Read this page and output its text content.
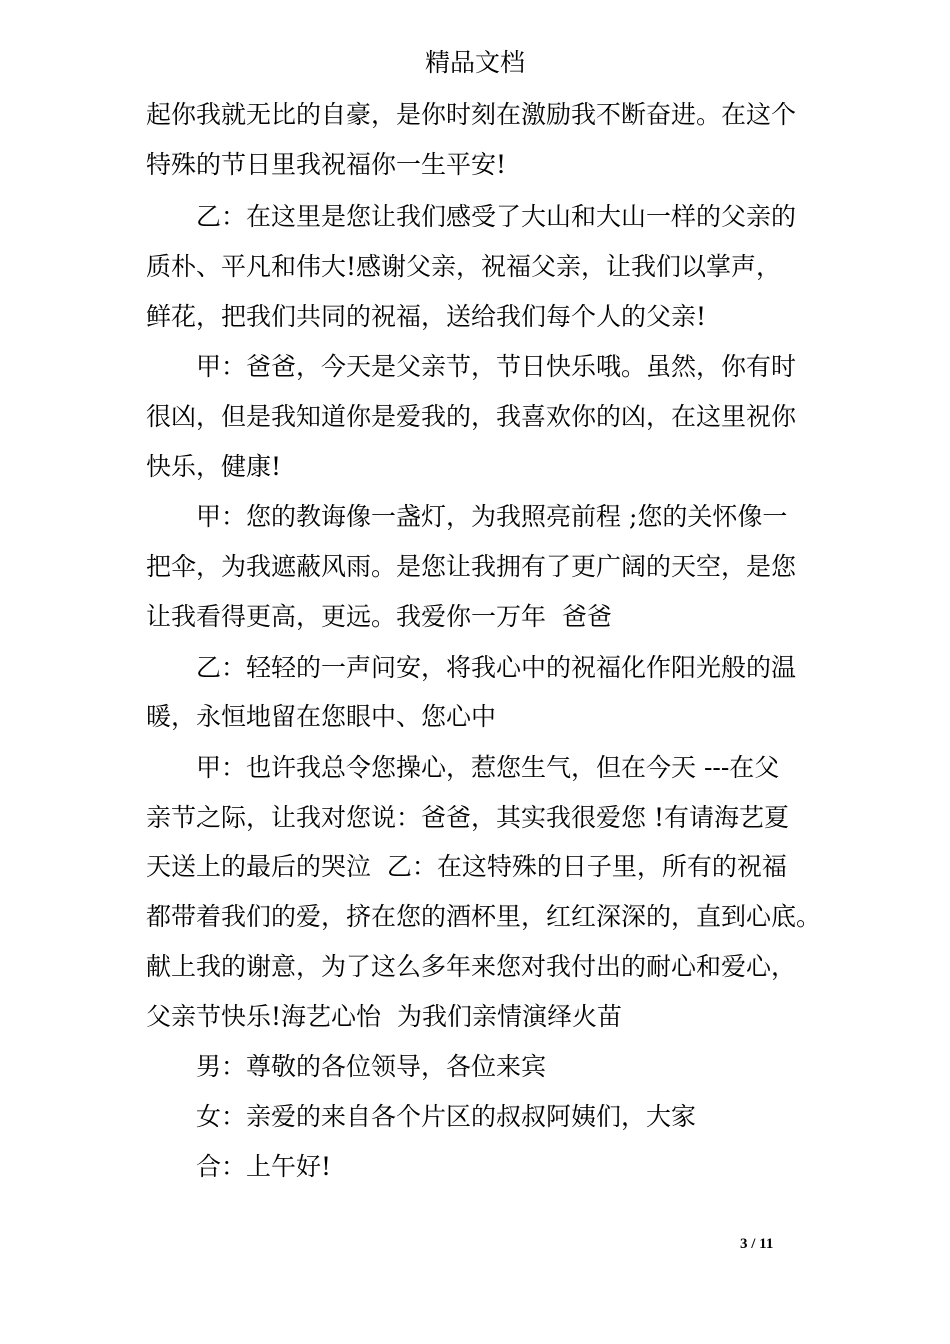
精品文档
起你我就无比的自豪，是你时刻在激励我不断奋进。在这个
特殊的节日里我祝福你一生平安!
乙：在这里是您让我们感受了大山和大山一样的父亲的
质朴、平凡和伟大!感谢父亲，祝福父亲，让我们以掌声，
鲜花，把我们共同的祝福，送给我们每个人的父亲!
甲：爸爸，今天是父亲节，节日快乐哦。虽然，你有时
很凶，但是我知道你是爱我的，我喜欢你的凶，在这里祝你
快乐，健康!
甲：您的教诲像一盏灯，为我照亮前程 ;您的关怀像一
把伞，为我遮蔽风雨。是您让我拥有了更广阔的天空，是您
让我看得更高，更远。我爱你一万年  爸爸
乙：轻轻的一声问安，将我心中的祝福化作阳光般的温
暖，永恒地留在您眼中、您心中
甲：也许我总令您操心，惹您生气，但在今天 ---在父
亲节之际，让我对您说：爸爸，其实我很爱您 !有请海艺夏
天送上的最后的哭泣  乙：在这特殊的日子里，所有的祝福
都带着我们的爱，挤在您的酒杯里，红红深深的，直到心底。
献上我的谢意，为了这么多年来您对我付出的耐心和爱心，
父亲节快乐!海艺心怡  为我们亲情演绎火苗
男：尊敬的各位领导，各位来宾
女：亲爱的来自各个片区的叔叔阿姨们，大家
合：上午好!
3 / 11
